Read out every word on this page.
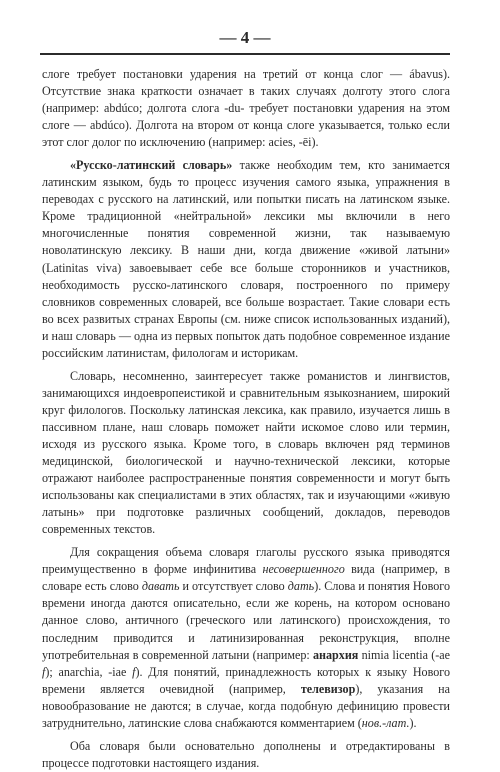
— 4 —

слоге требует постановки ударения на третий от конца слог — ábavus). Отсутствие знака краткости означает в таких случаях долготу этого слога (например: abdúco; долгота слога -du- требует постановки ударения на этом слоге — abdúco). Долгота на втором от конца слоге указывается, только если этот слог долог по исключению (например: acies, -ēi).

«Русско-латинский словарь» также необходим тем, кто занимается латинским языком, будь то процесс изучения самого языка, упражнения в переводах с русского на латинский, или попытки писать на латинском языке. Кроме традиционной «нейтральной» лексики мы включили в него многочисленные понятия современной жизни, так называемую новолатинскую лексику. В наши дни, когда движение «живой латыни» (Latinitas viva) завоевывает себе все больше сторонников и участников, необходимость русско-латинского словаря, построенного по примеру словников современных словарей, все больше возрастает. Такие словари есть во всех развитых странах Европы (см. ниже список использованных изданий), и наш словарь — одна из первых попыток дать подобное современное издание российским латинистам, филологам и историкам.

Словарь, несомненно, заинтересует также романистов и лингвистов, занимающихся индоевропеистикой и сравнительным языкознанием, широкий круг филологов. Поскольку латинская лексика, как правило, изучается лишь в пассивном плане, наш словарь поможет найти искомое слово или термин, исходя из русского языка. Кроме того, в словарь включен ряд терминов медицинской, биологической и научно-технической лексики, которые отражают наиболее распространенные понятия современности и могут быть использованы как специалистами в этих областях, так и изучающими «живую латынь» при подготовке различных сообщений, докладов, переводов современных текстов.

Для сокращения объема словаря глаголы русского языка приводятся преимущественно в форме инфинитива несовершенного вида (например, в словаре есть слово давать и отсутствует слово дать). Слова и понятия Нового времени иногда даются описательно, если же корень, на котором основано данное слово, античного (греческого или латинского) происхождения, то последним приводится и латинизированная реконструкция, вполне употребительная в современной латыни (например: анархия nimia licentia (-ae f); anarchia, -iae f). Для понятий, принадлежность которых к языку Нового времени является очевидной (например, телевизор), указания на новообразование не даются; в случае, когда подобную дефиницию провести затруднительно, латинские слова снабжаются комментарием (нов.-лат.).

Оба словаря были основательно дополнены и отредактированы в процессе подготовки настоящего издания.
